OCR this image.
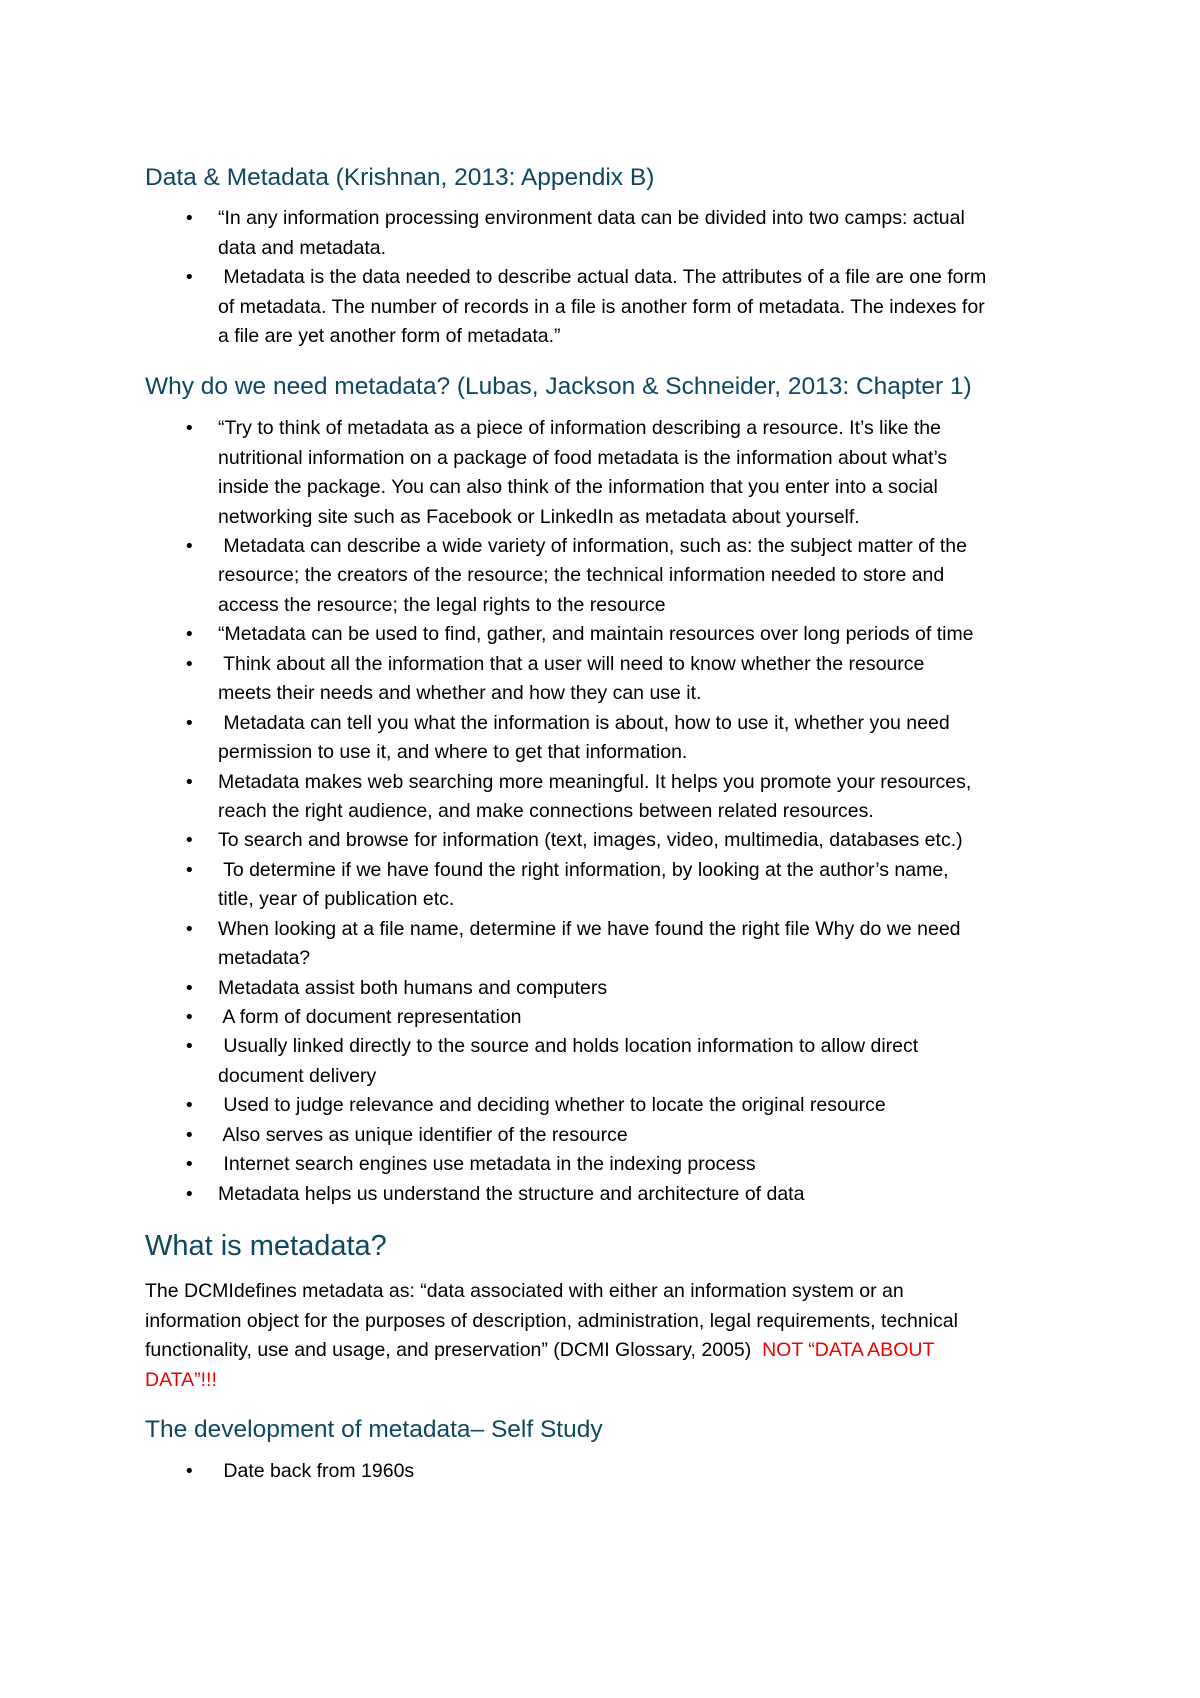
Data & Metadata (Krishnan, 2013: Appendix B)
• “In any information processing environment data can be divided into two camps: actual
data and metadata.
• Metadata is the data needed to describe actual data. The attributes of a file are one form
of metadata. The number of records in a file is another form of metadata. The indexes for
a file are yet another form of metadata.”
Why do we need metadata? (Lubas, Jackson & Schneider, 2013: Chapter 1)
• “Try to think of metadata as a piece of information describing a resource. It’s like the
nutritional information on a package of food metadata is the information about what’s
inside the package. You can also think of the information that you enter into a social
networking site such as Facebook or LinkedIn as metadata about yourself.
• Metadata can describe a wide variety of information, such as: the subject matter of the
resource; the creators of the resource; the technical information needed to store and
access the resource; the legal rights to the resource
• “Metadata can be used to find, gather, and maintain resources over long periods of time
• Think about all the information that a user will need to know whether the resource
meets their needs and whether and how they can use it.
• Metadata can tell you what the information is about, how to use it, whether you need
permission to use it, and where to get that information.
• Metadata makes web searching more meaningful. It helps you promote your resources,
reach the right audience, and make connections between related resources.
• To search and browse for information (text, images, video, multimedia, databases etc.)
• To determine if we have found the right information, by looking at the author’s name,
title, year of publication etc.
• When looking at a file name, determine if we have found the right file Why do we need
metadata?
• Metadata assist both humans and computers
• A form of document representation
• Usually linked directly to the source and holds location information to allow direct
document delivery
• Used to judge relevance and deciding whether to locate the original resource
• Also serves as unique identifier of the resource
• Internet search engines use metadata in the indexing process
• Metadata helps us understand the structure and architecture of data
What is metadata?
The DCMIdefines metadata as: “data associated with either an information system or an
information object for the purposes of description, administration, legal requirements, technical
functionality, use and usage, and preservation” (DCMI Glossary, 2005)  NOT “DATA ABOUT
DATA”!!!
The development of metadata– Self Study
• Date back from 1960s
